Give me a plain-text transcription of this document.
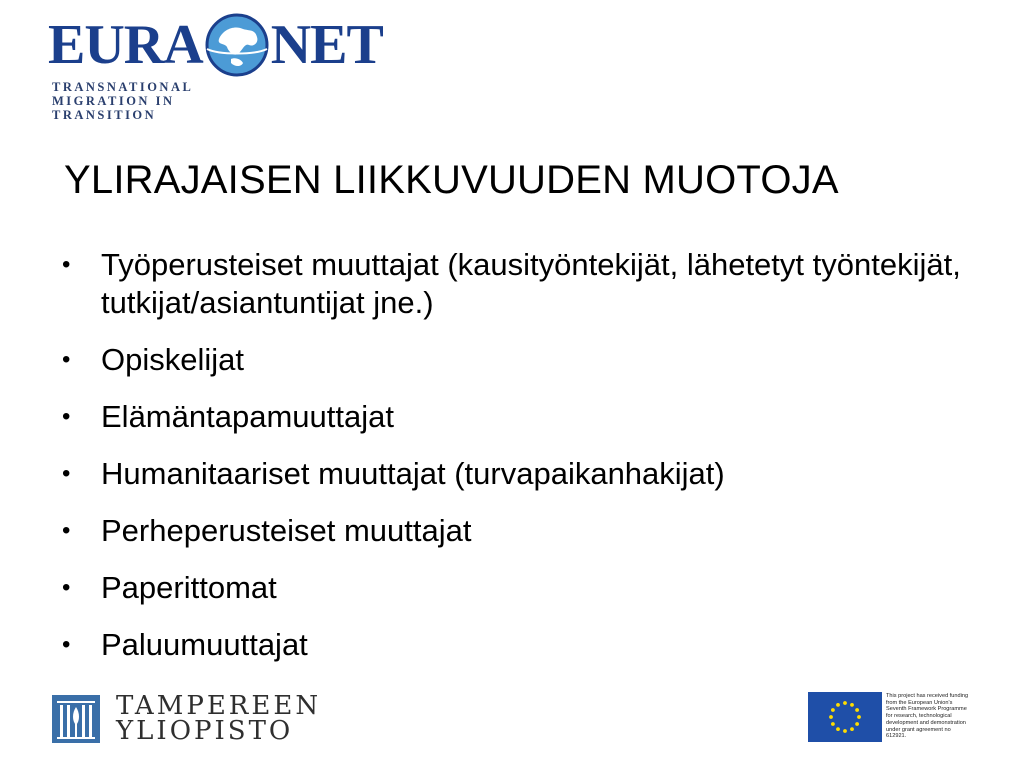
EURA NET
TRANSNATIONAL
MIGRATION IN
TRANSITION
YLIRAJAISEN LIIKKUVUUDEN MUOTOJA
• Työperusteiset muuttajat (kausityöntekijät, lähetetyt työntekijät, tutkijat/asiantuntijat jne.)
• Opiskelijat
• Elämäntapamuuttajat
• Humanitaariset muuttajat (turvapaikanhakijat)
• Perheperusteiset muuttajat
• Paperittomat
• Paluumuuttajat
TAMPEREEN
YLIOPISTO
This project has received funding from the European Union's Seventh Framework Programme for research, technological development and demonstration under grant agreement no 612921.
